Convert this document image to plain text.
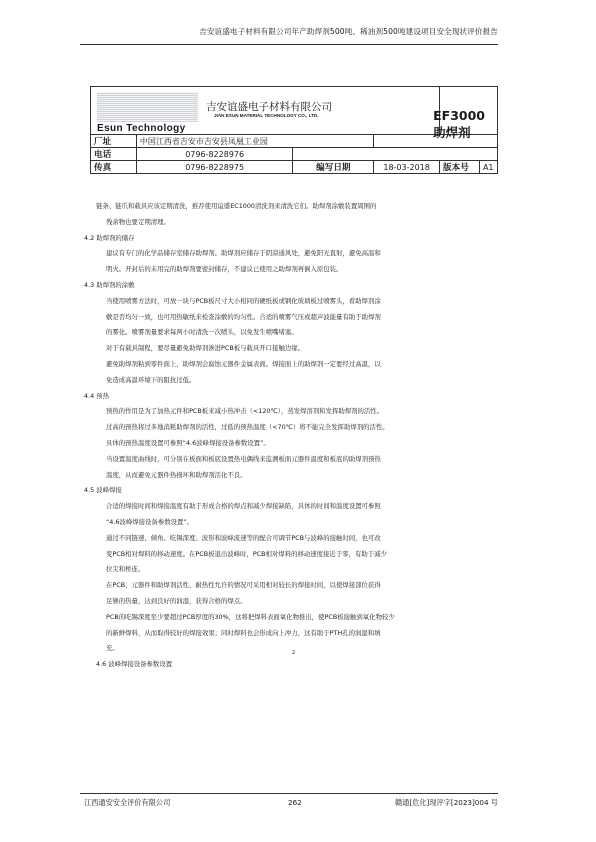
吉安谊盛电子材料有限公司年产助焊剂500吨、稀油剂500吨建设项目安全现状评价报告
Esun Technology
吉安谊盛电子材料有限公司
JIAN ESUN MATERIAL TECHNOLOGY CO., LTD.				EF3000 助焊剂	

厂址	中国江西省吉安市吉安县凤凰工业园				
电话	0796-8228976				
传真	0796-8228975	编写日期	18-03-2018	版本号	A1
链条、链爪和载具应该定期清洗，推荐使用谊盛EC1000清洗剂来清洗它们。助焊剂涂敷装置周围的
残余物也要定期清理。
4.2 助焊剂的储存
建议有专门的化学品储存室储存助焊剂。助焊剂应储存于阴凉通风处，避免阳光直射，避免高温和
明火。开封后的未用完的助焊剂要密封储存，不建议已使用之助焊剂再倒入原包装。
4.3 助焊剂的涂敷
当使用喷雾方法时，可放一块与PCB板尺寸大小相同的硬纸板或钢化玻璃板过喷雾头，看助焊剂涂
敷是否均匀一致，也可用热敏纸来检查涂敷的均匀性。合适的喷雾气压或超声波能量有助于助焊剂
的雾化。喷雾剂量要求每两小时清洗一次喷头，以免发生喷嘴堵塞。
对于有载具制程，要尽量避免助焊剂渗进PCB板与载具开口接触边缘。
避免助焊剂粘到零件面上，助焊剂会腐蚀元器件金属表面。焊接面上的助焊剂一定要经过高温，以
免造成高温环境下的阻抗过低。
4.4 预热
预热的作用是为了加热元件和PCB板来减小热冲击（<120℃），蒸发焊溶剂和发挥助焊剂的活性。
过高的预热将过多地消耗助焊剂的活性，过低的预热温度（<70℃）将不能完全发挥助焊剂的活性。
具体的预热温度设置可参照“4.6波峰焊接设备参数设置”。
当设置温度曲线时，可分别在板面和板底设置热电偶线来监测板面元器件温度和板底的助焊剂预热
温度，从而避免元器件热损坏和助焊剂活化不良。
4.5 波峰焊接
合适的焊接时间和焊接温度有助于形成合格的焊点和减少焊接缺陷，具体的时间和温度设置可参照
“4.6波峰焊接设备参数设置”。
通过不同链速、倾角、吃锡深度、波形和波峰流速等的配合可调节PCB与波峰的接触时间，也可改
变PCB相对焊料的移动速度。在PCB板退出波峰时，PCB相对焊料的移动速度接近于零，有助于减少
拉尖和桥连。
在PCB、元器件和助焊剂活性、耐热性允许的情况可采用相对较长的焊接时间，以使焊接部位获得
足够的热量，达到良好的润湿，获得合格的焊点。
PCB的吃锡深度至少要超过PCB厚度的30%，这将把焊料表面氧化物推出，使PCB板接触到氧化物较少
的新鲜焊料，从而取得较好的焊接效果；同时焊料也会形成向上冲力，这有助于PTH孔的润湿和填
充。
4.6 波峰焊接设备参数设置
2
江西通安安全评价有限公司	262	赣通[危化]现评字[2023]004 号
